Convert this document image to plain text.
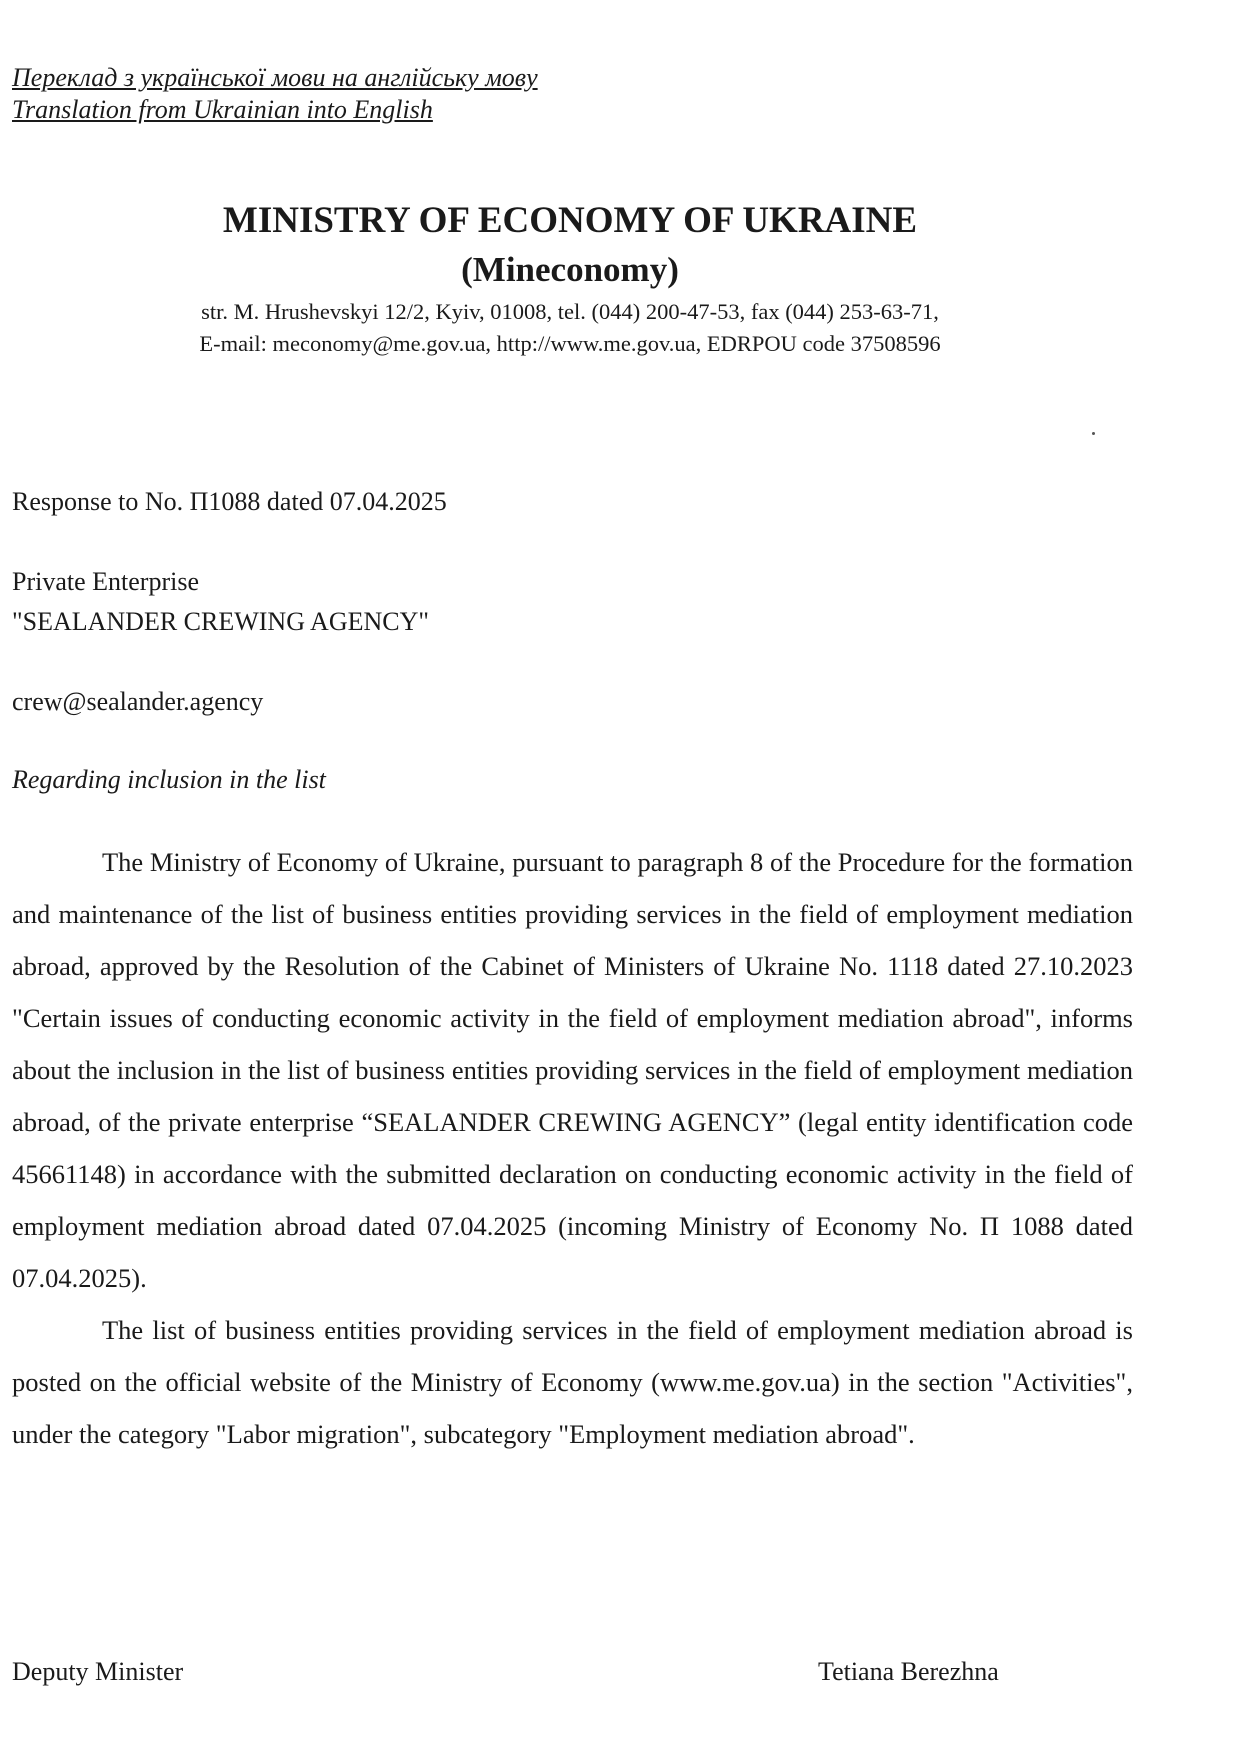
Переклад з української мови на англійську мову
Translation from Ukrainian into English
MINISTRY OF ECONOMY OF UKRAINE
(Mineconomy)
str. M. Hrushevskyi 12/2, Kyiv, 01008, tel. (044) 200-47-53, fax (044) 253-63-71,
E-mail: meconomy@me.gov.ua, http://www.me.gov.ua, EDRPOU code 37508596
Response to No. П1088 dated 07.04.2025
Private Enterprise
"SEALANDER CREWING AGENCY"
crew@sealander.agency
Regarding inclusion in the list

The Ministry of Economy of Ukraine, pursuant to paragraph 8 of the Procedure for the formation and maintenance of the list of business entities providing services in the field of employment mediation abroad, approved by the Resolution of the Cabinet of Ministers of Ukraine No. 1118 dated 27.10.2023 "Certain issues of conducting economic activity in the field of employment mediation abroad", informs about the inclusion in the list of business entities providing services in the field of employment mediation abroad, of the private enterprise “SEALANDER CREWING AGENCY” (legal entity identification code 45661148) in accordance with the submitted declaration on conducting economic activity in the field of employment mediation abroad dated 07.04.2025 (incoming Ministry of Economy No. П 1088 dated 07.04.2025).

The list of business entities providing services in the field of employment mediation abroad is posted on the official website of the Ministry of Economy (www.me.gov.ua) in the section "Activities", under the category "Labor migration", subcategory "Employment mediation abroad".

Deputy Minister	Tetiana Berezhna
